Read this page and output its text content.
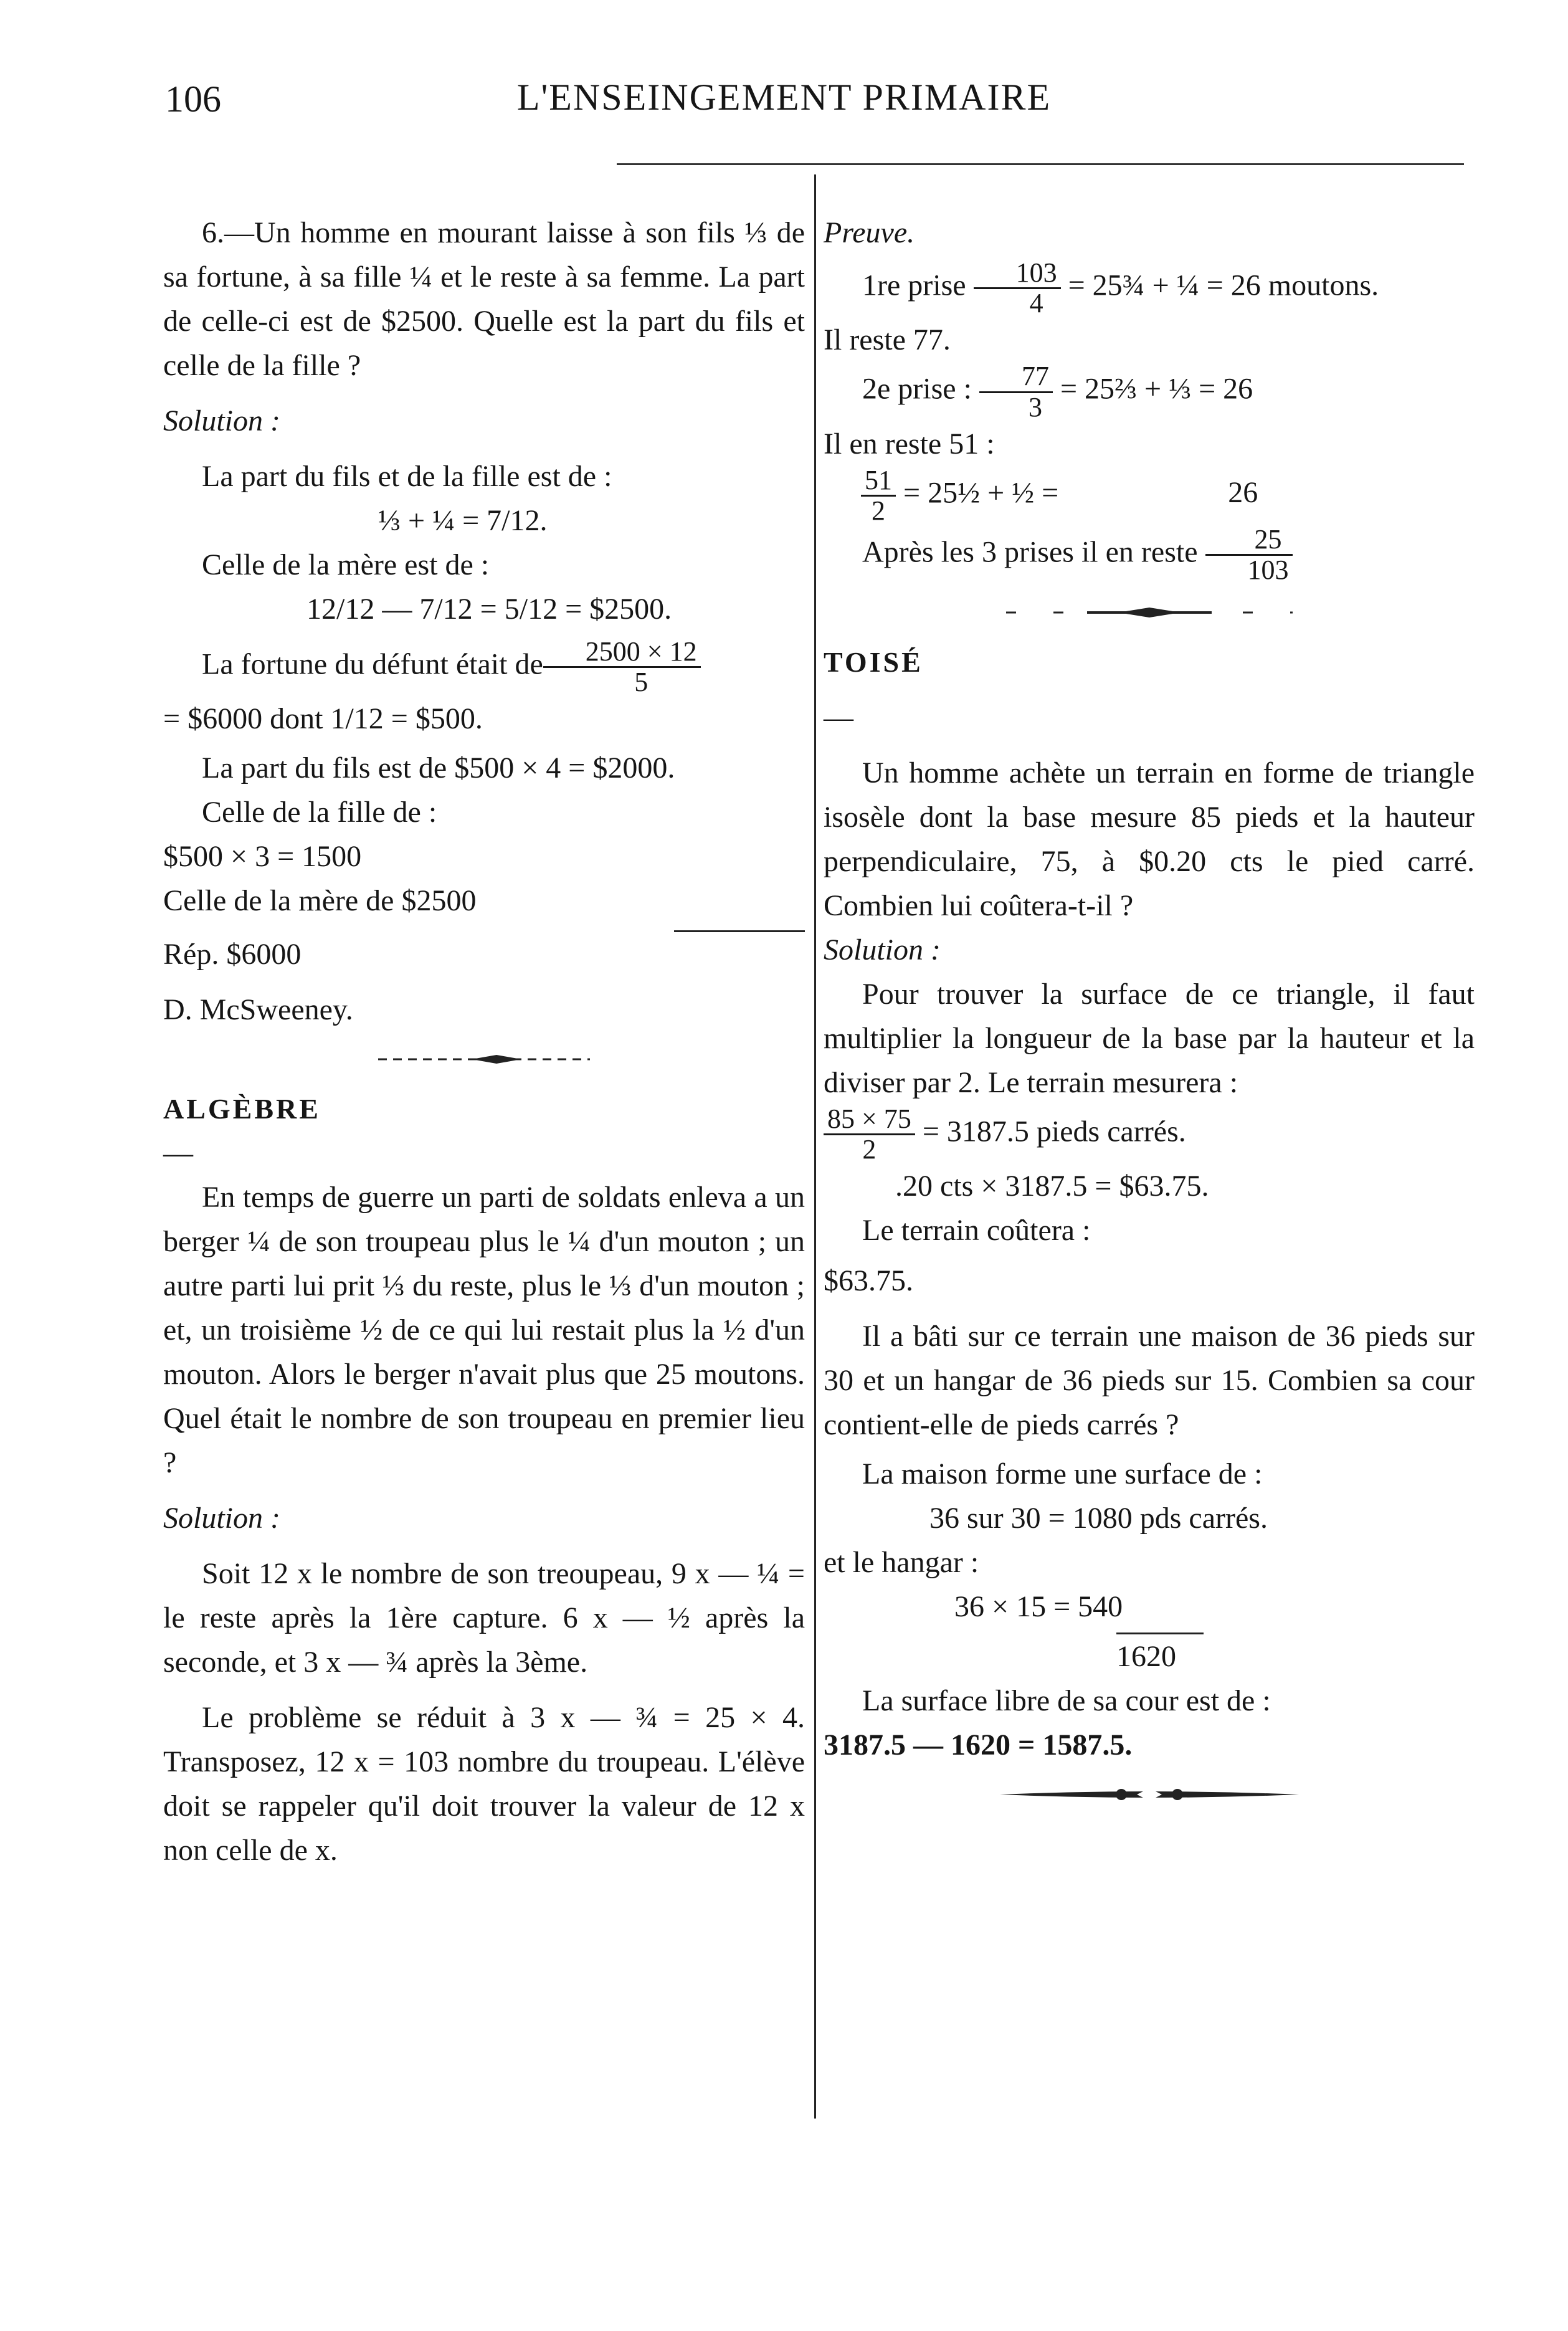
106	L'ENSEINGEMENT PRIMAIRE

6.—Un homme en mourant laisse à son fils ⅓ de sa fortune, à sa fille ¼ et le reste à sa femme. La part de celle-ci est de $2500. Quelle est la part du fils et celle de la fille ?

Solution :

La part du fils et de la fille est de :

⅓ + ¼ = 7/12.

Celle de la mère est de :

12/12 — 7/12 = 5/12 = $2500.

La fortune du défunt était de $\frac{2500 \times 12}{5}$

= $6000 dont 1/12 = $500.

La part du fils est de $500 × 4 = $2000.

Celle de la fille de :

$500 × 3 = 1500

Celle de la mère de $2500

Rép. $6000

D. McSweeney.

ALGÈBRE

—

En temps de guerre un parti de soldats enleva a un berger ¼ de son troupeau plus le ¼ d'un mouton ; un autre parti lui prit ⅓ du reste, plus le ⅓ d'un mouton ; et, un troisième ½ de ce qui lui restait plus la ½ d'un mouton. Alors le berger n'avait plus que 25 moutons. Quel était le nombre de son troupeau en premier lieu ?

Solution :

Soit 12 x le nombre de son treoupeau, 9 x — ¼ = le reste après la 1ère capture. 6 x — ½ après la seconde, et 3 x — ¾ après la 3ème.

Le problème se réduit à 3 x — ¾ = 25 × 4. Transposez, 12 x = 103 nombre du troupeau. L'élève doit se rappeler qu'il doit trouver la valeur de 12 x non celle de x.

Preuve.

1re prise $\frac{103}{4}$ = 25¾ + ¼ = 26 moutons.

Il reste 77.

2e prise : $\frac{77}{3}$ = 25⅔ + ⅓ = 26

Il en reste 51 :

$\frac{51}{2}$ = 25½ + ½ =	26

Après les 3 prises il en reste $\frac{25}{103}$

TOISÉ

—

Un homme achète un terrain en forme de triangle isosèle dont la base mesure 85 pieds et la hauteur perpendiculaire, 75, à $0.20 cts le pied carré. Combien lui coûtera-t-il ?

Solution :

Pour trouver la surface de ce triangle, il faut multiplier la longueur de la base par la hauteur et la diviser par 2. Le terrain mesurera :

$\frac{85 \times 75}{2} = 3187.5$ pieds carrés.

.20 cts × 3187.5 = $63.75.

Le terrain coûtera :

$63.75.

Il a bâti sur ce terrain une maison de 36 pieds sur 30 et un hangar de 36 pieds sur 15. Combien sa cour contient-elle de pieds carrés ?

La maison forme une surface de :

36 sur 30 = 1080 pds carrés.

et le hangar :

36 × 15 = 540

1620

La surface libre de sa cour est de :

3187.5 — 1620 = 1587.5.
